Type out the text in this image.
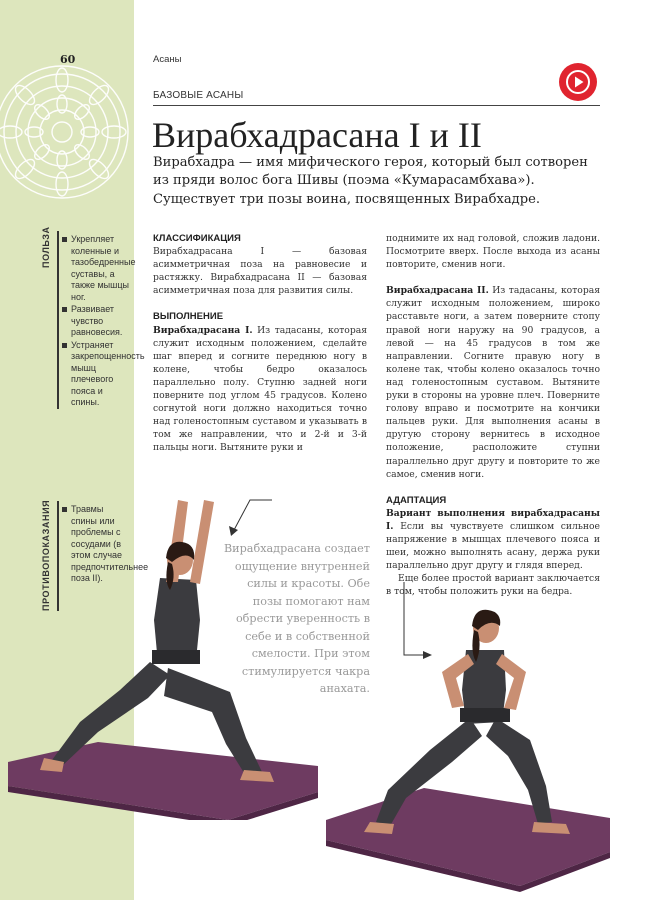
60	Асаны
БАЗОВЫЕ АСАНЫ
Вирабхадрасана I и II
Вирабхадра — имя мифического героя, который был сотворен из пряди волос бога Шивы (поэма «Кумарасамбхава»). Существует три позы воина, посвященных Вирабхадре.
ПОЛЬЗА	Укрепляет коленные и тазобедренные суставы, а также мышцы ног.
Развивает чувство равновесия.
Устраняет закрепощенность мышц плечевого пояса и спины.
ПРОТИВОПОКАЗАНИЯ	Травмы спины или проблемы с сосудами (в этом случае предпочтительнее поза II).

КЛАССИФИКАЦИЯ

Вирабхадрасана I — базовая асимметричная поза на равновесие и растяжку. Вирабхадрасана II — базовая асимметричная поза для развития силы.

ВЫПОЛНЕНИЕ

Вирабхадрасана I. Из тадасаны, которая служит исходным положением, сделайте шаг вперед и согните переднюю ногу в колене, чтобы бедро оказалось параллельно полу. Ступню задней ноги поверните под углом 45 градусов. Колено согнутой ноги должно находиться точно над голеностопным суставом и указывать в том же направлении, что и 2-й и 3-й пальцы ноги. Вытяните руки и

поднимите их над головой, сложив ладони. Посмотрите вверх. После выхода из асаны повторите, сменив ноги.

Вирабхадрасана II. Из тадасаны, которая служит исходным положением, широко расставьте ноги, а затем поверните стопу правой ноги наружу на 90 градусов, а левой — на 45 градусов в том же направлении. Согните правую ногу в колене так, чтобы колено оказалось точно над голеностопным суставом. Вытяните руки в стороны на уровне плеч. Поверните голову вправо и посмотрите на кончики пальцев руки. Для выполнения асаны в другую сторону вернитесь в исходное положение, расположите ступни параллельно друг другу и повторите то же самое, сменив ноги.

АДАПТАЦИЯ

Вариант выполнения вирабхадрасаны I. Если вы чувствуете слишком сильное напряжение в мышцах плечевого пояса и шеи, можно выполнять асану, держа руки параллельно друг другу и глядя вперед.

Еще более простой вариант заключается в том, чтобы положить руки на бедра.

Вирабхадрасана создает ощущение внутренней силы и красоты. Обе позы помогают нам обрести уверенность в себе и в собственной смелости. При этом стимулируется чакра анахата.
